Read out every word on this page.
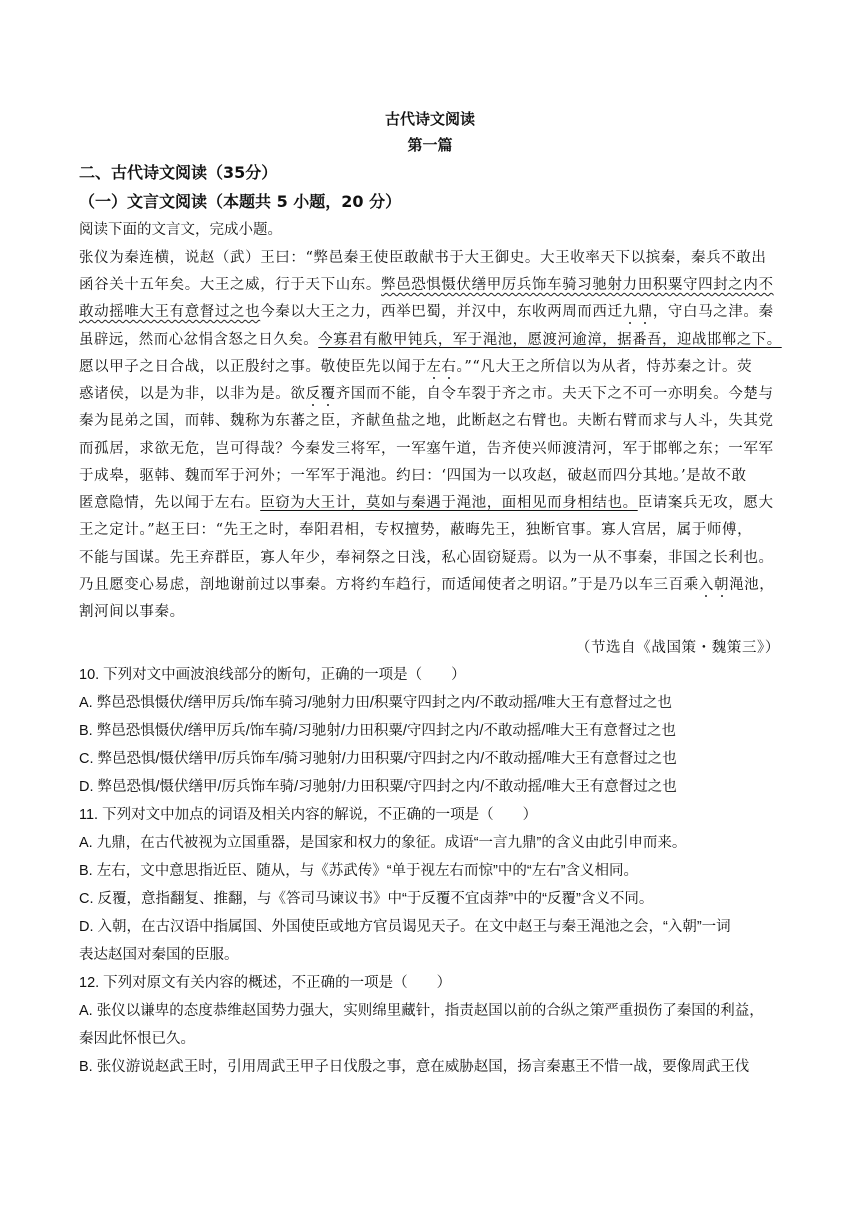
古代诗文阅读
第一篇
二、古代诗文阅读（35分）
（一）文言文阅读（本题共 5 小题，20 分）
阅读下面的文言文，完成小题。
张仪为秦连横，说赵（武）王曰：“弊邑秦王使臣敢献书于大王御史。大王收率天下以摈秦，秦兵不敢出
函谷关十五年矣。大王之威，行于天下山东。弊邑恐惧慑伏缮甲厉兵饰车骑习驰射力田积粟守四封之内不
敢动摇唯大王有意督过之也今秦以大王之力，西举巴蜀，并汉中，东收两周而西迁九鼎，守白马之津。秦
虽辟远，然而心忿悁含怒之日久矣。今寡君有敝甲钝兵，军于渑池，愿渡河逾漳，据番吾，迎战邯郸之下。
愿以甲子之日合战，以正殷纣之事。敬使臣先以闻于左右。”“凡大王之所信以为从者，恃苏秦之计。荧
惑诸侯，以是为非，以非为是。欲反覆齐国而不能，自令车裂于齐之市。夫天下之不可一亦明矣。今楚与
秦为昆弟之国，而韩、魏称为东蕃之臣，齐献鱼盐之地，此断赵之右臂也。夫断右臂而求与人斗，失其党
而孤居，求欲无危，岂可得哉？今秦发三将军，一军塞午道，告齐使兴师渡清河，军于邯郸之东；一军军
于成皋，驱韩、魏而军于河外；一军军于渑池。约曰：‘四国为一以攻赵，破赵而四分其地。’是故不敢
匿意隐情，先以闻于左右。臣窃为大王计，莫如与秦遇于渑池，面相见而身相结也。臣请案兵无攻，愿大
王之定计。”赵王曰：“先王之时，奉阳君相，专权擅势，蔽晦先王，独断官事。寡人宫居，属于师傅，
不能与国谋。先王弃群臣，寡人年少，奉祠祭之日浅，私心固窃疑焉。以为一从不事秦，非国之长利也。
乃且愿变心易虑，剖地谢前过以事秦。方将约车趋行，而适闻使者之明诏。”于是乃以车三百乘入朝渑池，
割河间以事秦。
（节选自《战国策・魏策三》）
10. 下列对文中画波浪线部分的断句，正确的一项是（　　）
A. 弊邑恐惧慑伏/缮甲厉兵/饰车骑习/驰射力田/积粟守四封之内/不敢动摇/唯大王有意督过之也
B. 弊邑恐惧慑伏/缮甲厉兵/饰车骑/习驰射/力田积粟/守四封之内/不敢动摇/唯大王有意督过之也
C. 弊邑恐惧/慑伏缮甲/厉兵饰车/骑习驰射/力田积粟/守四封之内/不敢动摇/唯大王有意督过之也
D. 弊邑恐惧/慑伏缮甲/厉兵饰车骑/习驰射/力田积粟/守四封之内/不敢动摇/唯大王有意督过之也
11. 下列对文中加点的词语及相关内容的解说，不正确的一项是（　　）
A. 九鼎，在古代被视为立国重器，是国家和权力的象征。成语“一言九鼎”的含义由此引申而来。
B. 左右，文中意思指近臣、随从，与《苏武传》“单于视左右而惊”中的“左右”含义相同。
C. 反覆，意指翻复、推翻，与《答司马谏议书》中“于反覆不宜卤莽”中的“反覆”含义不同。
D. 入朝，在古汉语中指属国、外国使臣或地方官员谒见天子。在文中赵王与秦王渑池之会，“入朝”一词
表达赵国对秦国的臣服。
12. 下列对原文有关内容的概述，不正确的一项是（　　）
A. 张仪以谦卑的态度恭维赵国势力强大，实则绵里藏针，指责赵国以前的合纵之策严重损伤了秦国的利益，
秦因此怀恨已久。
B. 张仪游说赵武王时，引用周武王甲子日伐殷之事，意在威胁赵国，扬言秦惠王不惜一战，要像周武王伐
